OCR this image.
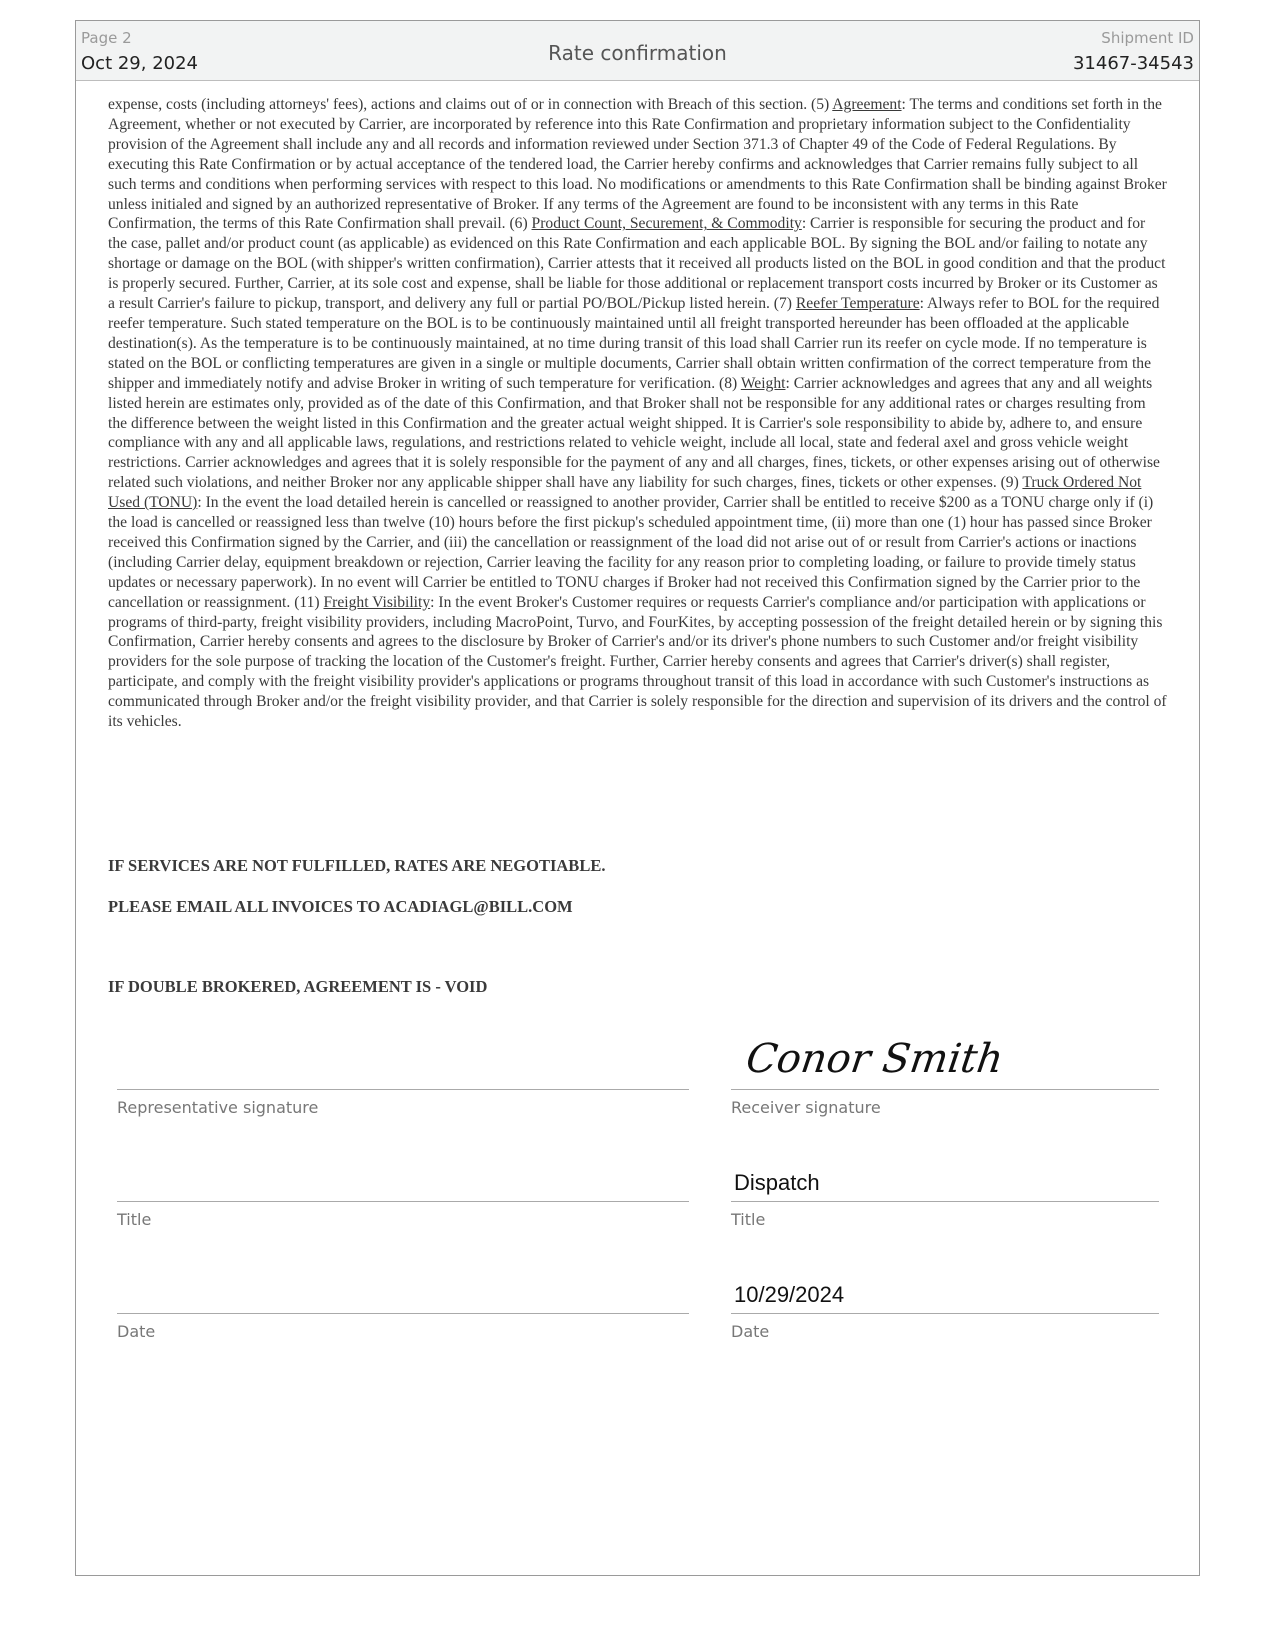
Page 2
Oct 29, 2024	Rate confirmation
Shipment ID
31467-34543
expense, costs (including attorneys' fees), actions and claims out of or in connection with Breach of this section. (5) Agreement: The terms and conditions set forth in the Agreement, whether or not executed by Carrier, are incorporated by reference into this Rate Confirmation and proprietary information subject to the Confidentiality provision of the Agreement shall include any and all records and information reviewed under Section 371.3 of Chapter 49 of the Code of Federal Regulations. By executing this Rate Confirmation or by actual acceptance of the tendered load, the Carrier hereby confirms and acknowledges that Carrier remains fully subject to all such terms and conditions when performing services with respect to this load. No modifications or amendments to this Rate Confirmation shall be binding against Broker unless initialed and signed by an authorized representative of Broker. If any terms of the Agreement are found to be inconsistent with any terms in this Rate Confirmation, the terms of this Rate Confirmation shall prevail. (6) Product Count, Securement, & Commodity: Carrier is responsible for securing the product and for the case, pallet and/or product count (as applicable) as evidenced on this Rate Confirmation and each applicable BOL. By signing the BOL and/or failing to notate any shortage or damage on the BOL (with shipper's written confirmation), Carrier attests that it received all products listed on the BOL in good condition and that the product is properly secured. Further, Carrier, at its sole cost and expense, shall be liable for those additional or replacement transport costs incurred by Broker or its Customer as a result Carrier's failure to pickup, transport, and delivery any full or partial PO/BOL/Pickup listed herein. (7) Reefer Temperature: Always refer to BOL for the required reefer temperature. Such stated temperature on the BOL is to be continuously maintained until all freight transported hereunder has been offloaded at the applicable destination(s). As the temperature is to be continuously maintained, at no time during transit of this load shall Carrier run its reefer on cycle mode. If no temperature is stated on the BOL or conflicting temperatures are given in a single or multiple documents, Carrier shall obtain written confirmation of the correct temperature from the shipper and immediately notify and advise Broker in writing of such temperature for verification. (8) Weight: Carrier acknowledges and agrees that any and all weights listed herein are estimates only, provided as of the date of this Confirmation, and that Broker shall not be responsible for any additional rates or charges resulting from the difference between the weight listed in this Confirmation and the greater actual weight shipped. It is Carrier's sole responsibility to abide by, adhere to, and ensure compliance with any and all applicable laws, regulations, and restrictions related to vehicle weight, include all local, state and federal axel and gross vehicle weight restrictions. Carrier acknowledges and agrees that it is solely responsible for the payment of any and all charges, fines, tickets, or other expenses arising out of otherwise related such violations, and neither Broker nor any applicable shipper shall have any liability for such charges, fines, tickets or other expenses. (9) Truck Ordered Not Used (TONU): In the event the load detailed herein is cancelled or reassigned to another provider, Carrier shall be entitled to receive $200 as a TONU charge only if (i) the load is cancelled or reassigned less than twelve (10) hours before the first pickup's scheduled appointment time, (ii) more than one (1) hour has passed since Broker received this Confirmation signed by the Carrier, and (iii) the cancellation or reassignment of the load did not arise out of or result from Carrier's actions or inactions (including Carrier delay, equipment breakdown or rejection, Carrier leaving the facility for any reason prior to completing loading, or failure to provide timely status updates or necessary paperwork). In no event will Carrier be entitled to TONU charges if Broker had not received this Confirmation signed by the Carrier prior to the cancellation or reassignment. (11) Freight Visibility: In the event Broker's Customer requires or requests Carrier's compliance and/or participation with applications or programs of third-party, freight visibility providers, including MacroPoint, Turvo, and FourKites, by accepting possession of the freight detailed herein or by signing this Confirmation, Carrier hereby consents and agrees to the disclosure by Broker of Carrier's and/or its driver's phone numbers to such Customer and/or freight visibility providers for the sole purpose of tracking the location of the Customer's freight. Further, Carrier hereby consents and agrees that Carrier's driver(s) shall register, participate, and comply with the freight visibility provider's applications or programs throughout transit of this load in accordance with such Customer's instructions as communicated through Broker and/or the freight visibility provider, and that Carrier is solely responsible for the direction and supervision of its drivers and the control of its vehicles.
IF SERVICES ARE NOT FULFILLED, RATES ARE NEGOTIABLE.
PLEASE EMAIL ALL INVOICES TO ACADIAGL@BILL.COM
IF DOUBLE BROKERED, AGREEMENT IS - VOID
Representative signature
Title
Date
Conor Smith
Receiver signature
Dispatch
Title
10/29/2024
Date
